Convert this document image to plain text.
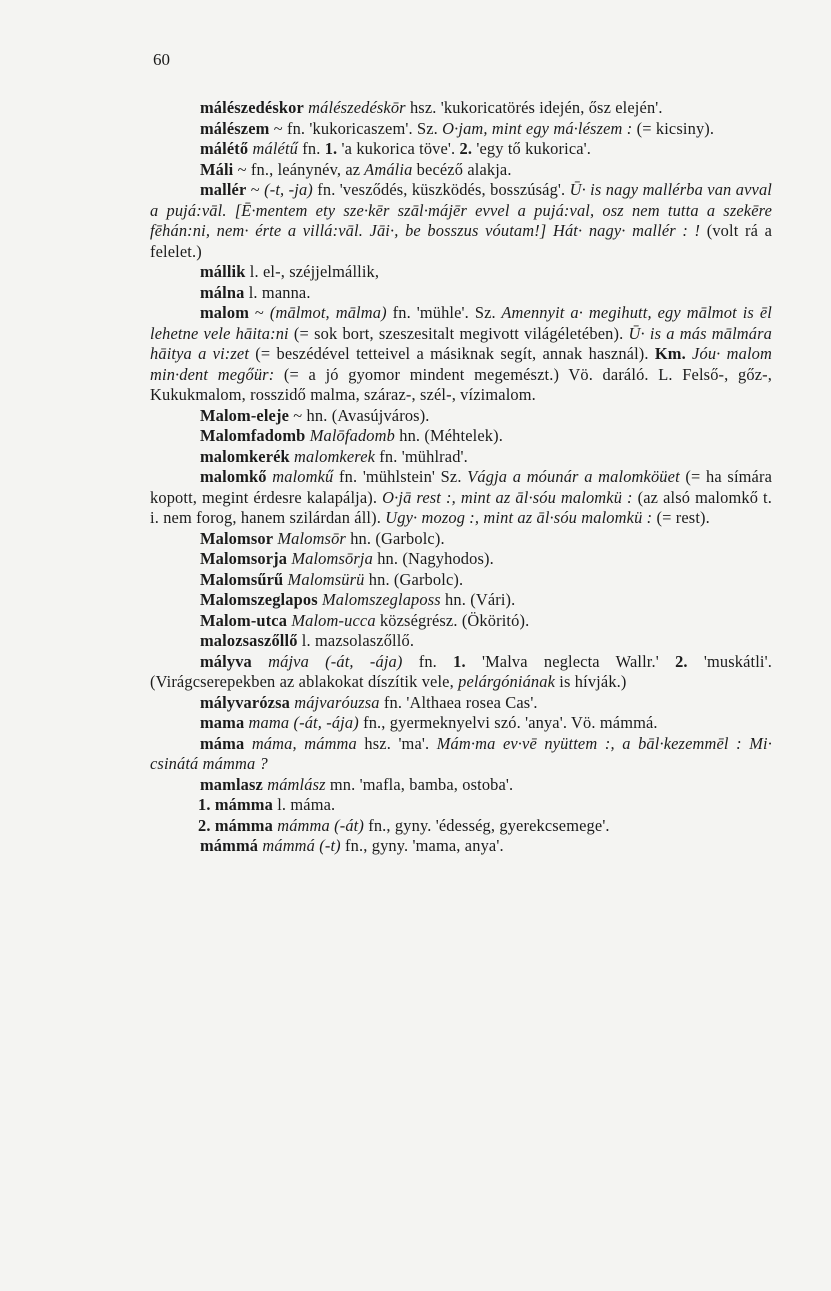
60

málészedéskor málészedéskōr hsz. 'kukoricatörés idején, ősz elején'.

málészem ~ fn. 'kukoricaszem'. Sz. O·jam, mint egy má·lészem : (= kicsiny).

málétő málétű fn. 1. 'a kukorica töve'. 2. 'egy tő kukorica'.

Máli ~ fn., leánynév, az Amália becéző alakja.

mallér ~ (-t, -ja) fn. 'vesződés, küszködés, bosszúság'. Ū· is nagy mallérba van avval a pujá:vāl. [Ē·mentem ety sze·kēr szāl·májēr evvel a pujá:val, osz nem tutta a szekēre fēhán:ni, nem· érte a villá:vāl. Jāi·, be bosszus vóutam!] Hát· nagy· mallér : ! (volt rá a felelet.)

mállik l. el-, széjjelmállik,

málna l. manna.

malom ~ (mālmot, mālma) fn. 'mühle'. Sz. Amennyit a· megihutt, egy mālmot is ēl lehetne vele hāita:ni (= sok bort, szeszesitalt megivott világéletében). Ū· is a más mālmára hāitya a vi:zet (= beszédével tetteivel a másiknak segít, annak használ). Km. Jóu· malom min·dent megőür: (= a jó gyomor mindent megemészt.) Vö. daráló. L. Felső-, gőz-, Kukukmalom, rosszidő malma, száraz-, szél-, vízimalom.

Malom-eleje ~ hn. (Avasújváros).

Malomfadomb Malōfadomb hn. (Méhtelek).

malomkerék malomkerek fn. 'mühlrad'.

malomkő malomkű fn. 'mühlstein' Sz. Vágja a móunár a malomköüet (= ha símára kopott, megint érdesre kalapálja). O·jā rest :, mint az āl·sóu malomkü : (az alsó malomkő t. i. nem forog, hanem szilárdan áll). Ugy· mozog :, mint az āl·sóu malomkü : (= rest).

Malomsor Malomsōr hn. (Garbolc).

Malomsorja Malomsōrja hn. (Nagyhodos).

Malomsűrű Malomsürü hn. (Garbolc).

Malomszeglapos Malomszeglaposs hn. (Vári).

Malom-utca Malom-ucca községrész. (Ököritó).

malozsaszőllő l. mazsolaszőllő.

mályva májva (-át, -ája) fn. 1. 'Malva neglecta Wallr.' 2. 'muskátli'. (Virágcserepekben az ablakokat díszítik vele, pelárgóniának is hívják.)

mályvarózsa májvaróuzsa fn. 'Althaea rosea Cas'.

mama mama (-át, -ája) fn., gyermeknyelvi szó. 'anya'. Vö. mámmá.

máma máma, mámma hsz. 'ma'. Mám·ma ev·vē nyüttem :, a bāl·kezemmēl : Mi· csinátá mámma ?

mamlasz mámlász mn. 'mafla, bamba, ostoba'.

1. mámma l. máma.

2. mámma mámma (-át) fn., gyny. 'édesség, gyerekcsemege'.

mámmá mámmá (-t) fn., gyny. 'mama, anya'.
